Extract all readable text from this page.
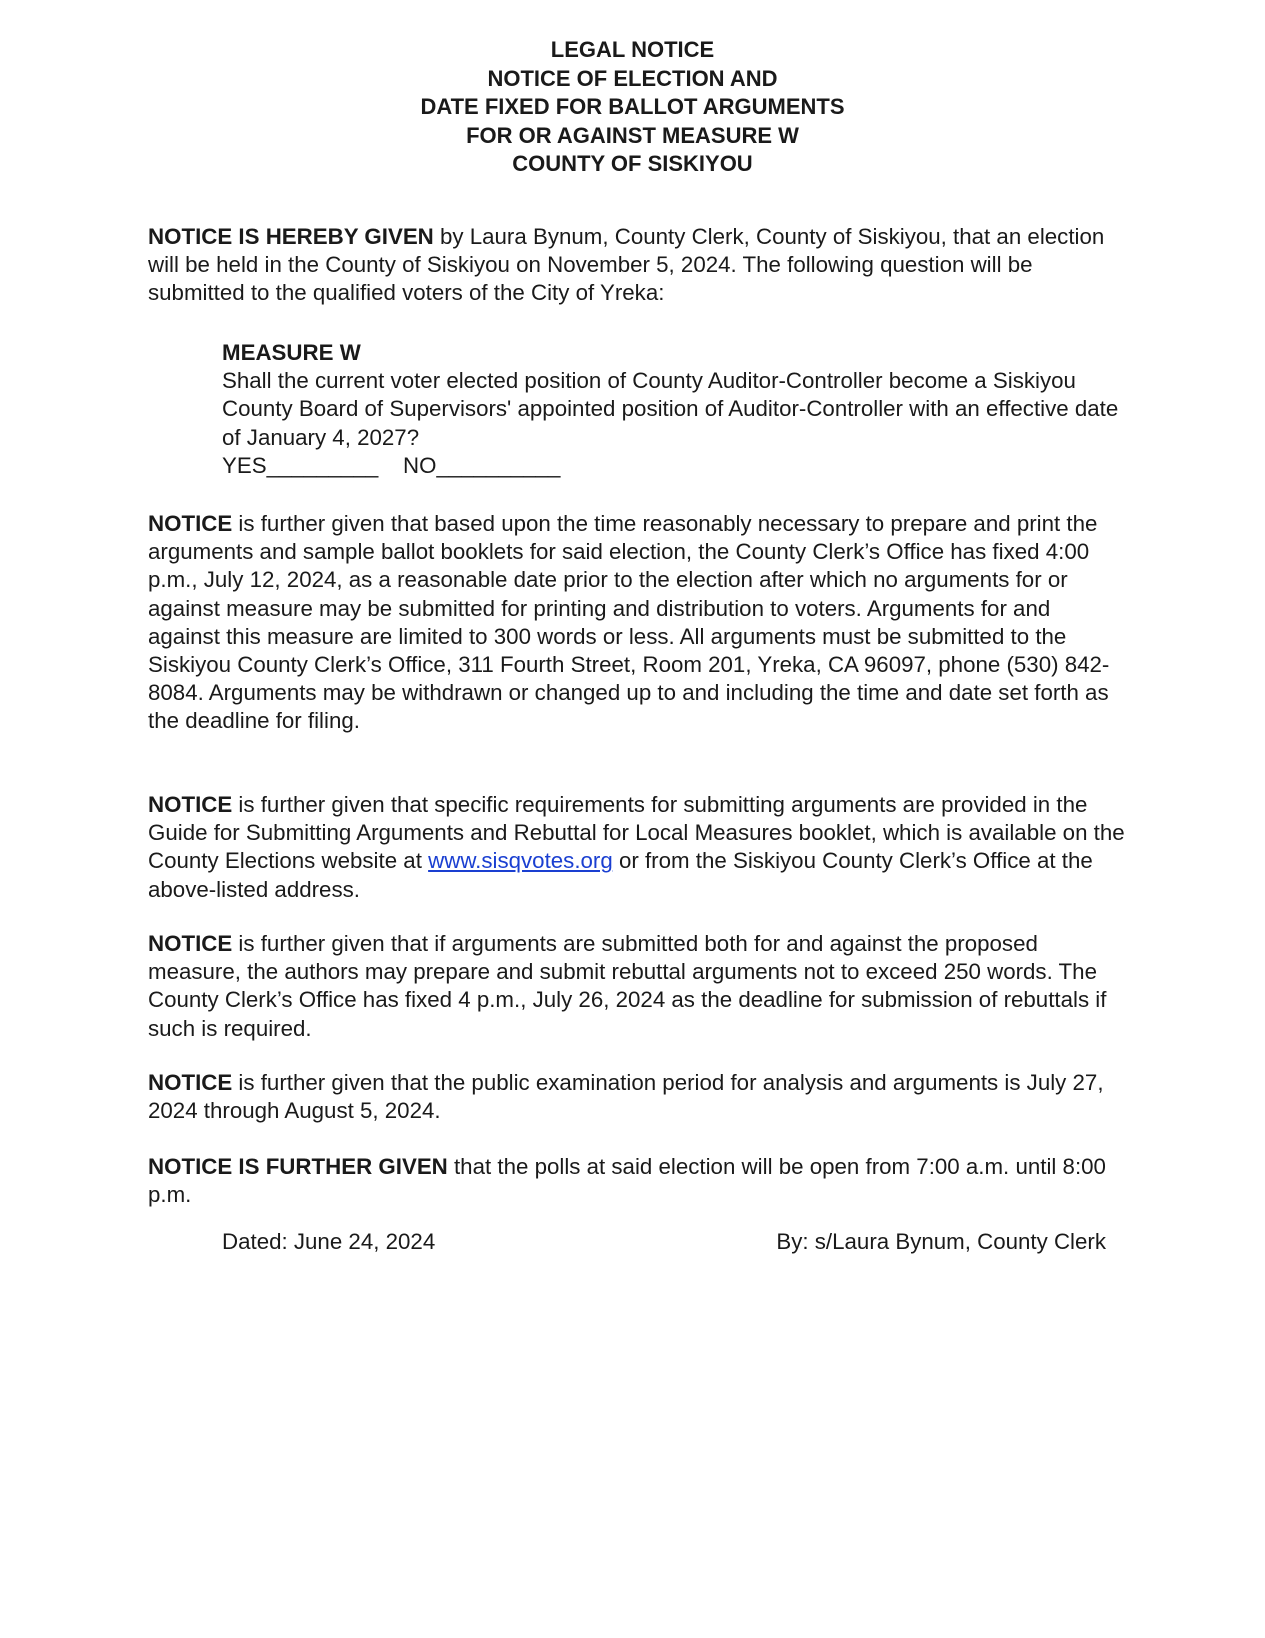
LEGAL NOTICE
NOTICE OF ELECTION AND
DATE FIXED FOR BALLOT ARGUMENTS
FOR OR AGAINST MEASURE W
COUNTY OF SISKIYOU

NOTICE IS HEREBY GIVEN by Laura Bynum, County Clerk, County of Siskiyou, that an election will be held in the County of Siskiyou on November 5, 2024. The following question will be submitted to the qualified voters of the City of Yreka:

MEASURE W
Shall the current voter elected position of County Auditor-Controller become a Siskiyou County Board of Supervisors' appointed position of Auditor-Controller with an effective date of January 4, 2027?
YES_________    NO__________

NOTICE is further given that based upon the time reasonably necessary to prepare and print the arguments and sample ballot booklets for said election, the County Clerk’s Office has fixed 4:00 p.m., July 12, 2024, as a reasonable date prior to the election after which no arguments for or against measure may be submitted for printing and distribution to voters. Arguments for and against this measure are limited to 300 words or less. All arguments must be submitted to the Siskiyou County Clerk’s Office, 311 Fourth Street, Room 201, Yreka, CA 96097, phone (530) 842-8084. Arguments may be withdrawn or changed up to and including the time and date set forth as the deadline for filing.

NOTICE is further given that specific requirements for submitting arguments are provided in the Guide for Submitting Arguments and Rebuttal for Local Measures booklet, which is available on the County Elections website at www.sisqvotes.org or from the Siskiyou County Clerk’s Office at the above-listed address.

NOTICE is further given that if arguments are submitted both for and against the proposed measure, the authors may prepare and submit rebuttal arguments not to exceed 250 words. The County Clerk’s Office has fixed 4 p.m., July 26, 2024 as the deadline for submission of rebuttals if such is required.

NOTICE is further given that the public examination period for analysis and arguments is July 27, 2024 through August 5, 2024.

NOTICE IS FURTHER GIVEN that the polls at said election will be open from 7:00 a.m. until 8:00 p.m.

Dated: June 24, 2024	By: s/Laura Bynum, County Clerk
